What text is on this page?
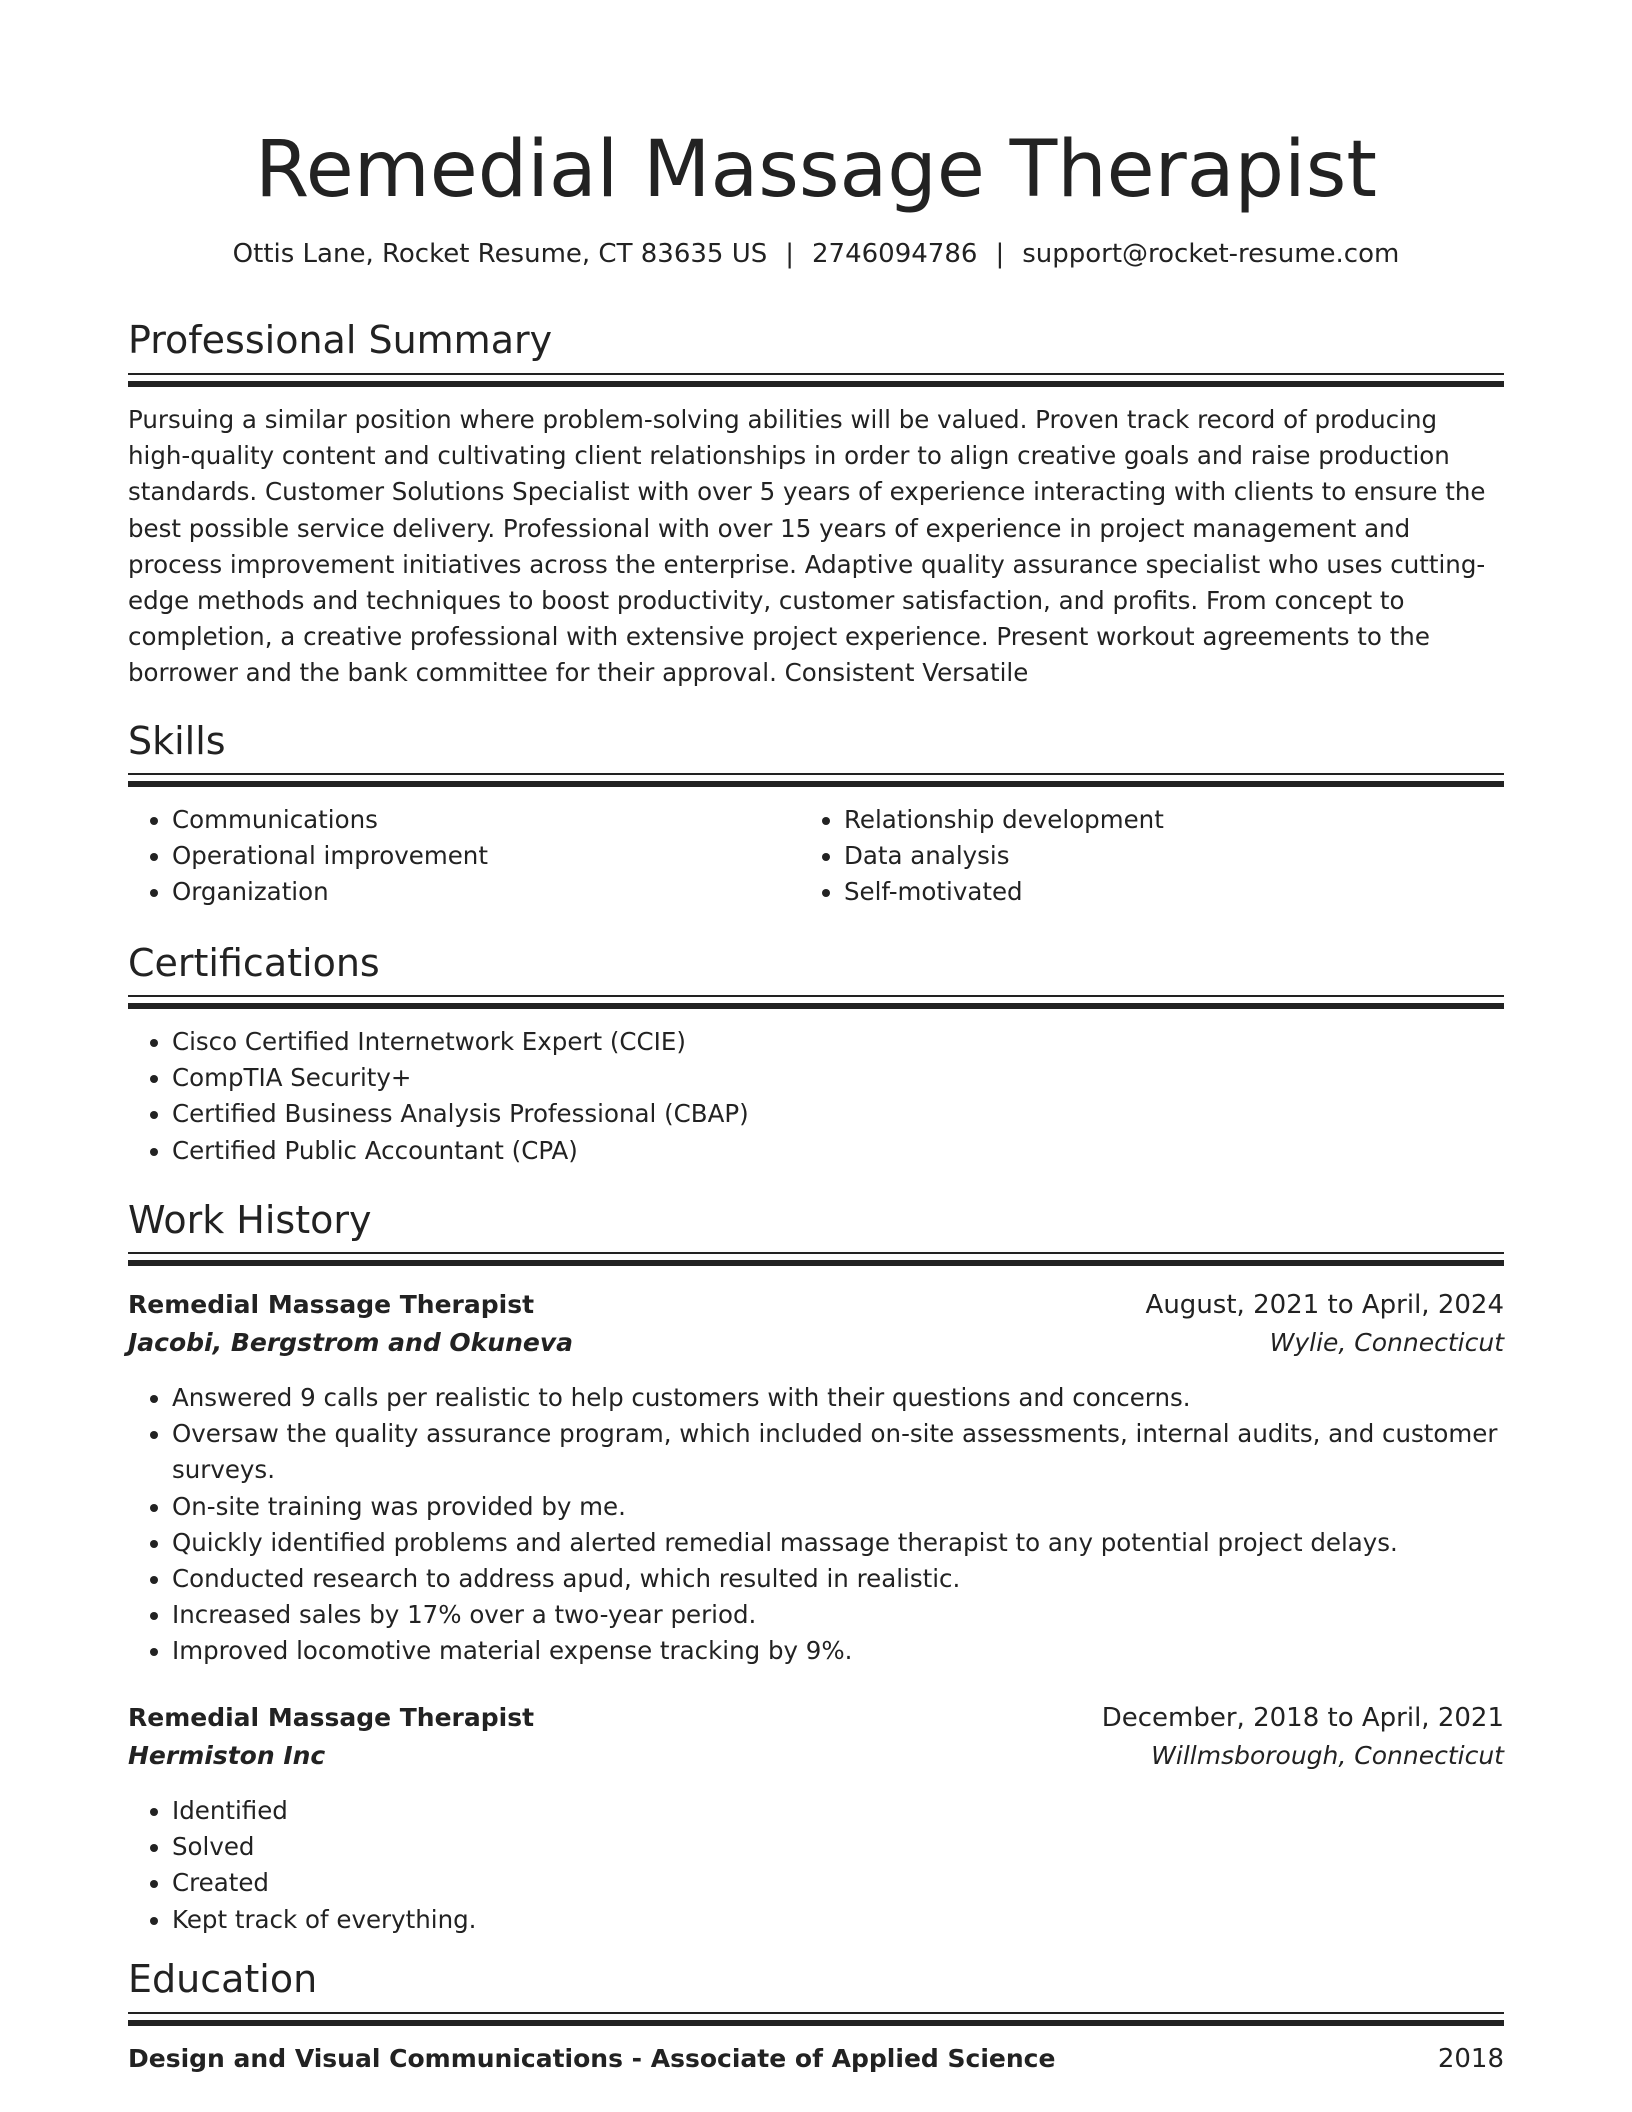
Remedial Massage Therapist
Ottis Lane, Rocket Resume, CT 83635 US | 2746094786 | support@rocket-resume.com
Professional Summary

Pursuing a similar position where problem-solving abilities will be valued. Proven track record of producing high-quality content and cultivating client relationships in order to align creative goals and raise production standards. Customer Solutions Specialist with over 5 years of experience interacting with clients to ensure the best possible service delivery. Professional with over 15 years of experience in project management and process improvement initiatives across the enterprise. Adaptive quality assurance specialist who uses cutting-edge methods and techniques to boost productivity, customer satisfaction, and profits. From concept to completion, a creative professional with extensive project experience. Present workout agreements to the borrower and the bank committee for their approval. Consistent Versatile

Skills
• Communications
• Operational improvement
• Organization
• Relationship development
• Data analysis
• Self-motivated
Certifications
• Cisco Certified Internetwork Expert (CCIE)
• CompTIA Security+
• Certified Business Analysis Professional (CBAP)
• Certified Public Accountant (CPA)
Work History
Remedial Massage Therapist	August, 2021 to April, 2024
Jacobi, Bergstrom and Okuneva	Wylie, Connecticut
• Answered 9 calls per realistic to help customers with their questions and concerns.
• Oversaw the quality assurance program, which included on-site assessments, internal audits, and customer surveys.
• On-site training was provided by me.
• Quickly identified problems and alerted remedial massage therapist to any potential project delays.
• Conducted research to address apud, which resulted in realistic.
• Increased sales by 17% over a two-year period.
• Improved locomotive material expense tracking by 9%.
Remedial Massage Therapist	December, 2018 to April, 2021
Hermiston Inc	Willmsborough, Connecticut
• Identified
• Solved
• Created
• Kept track of everything.
Education
Design and Visual Communications - Associate of Applied Science	2018
